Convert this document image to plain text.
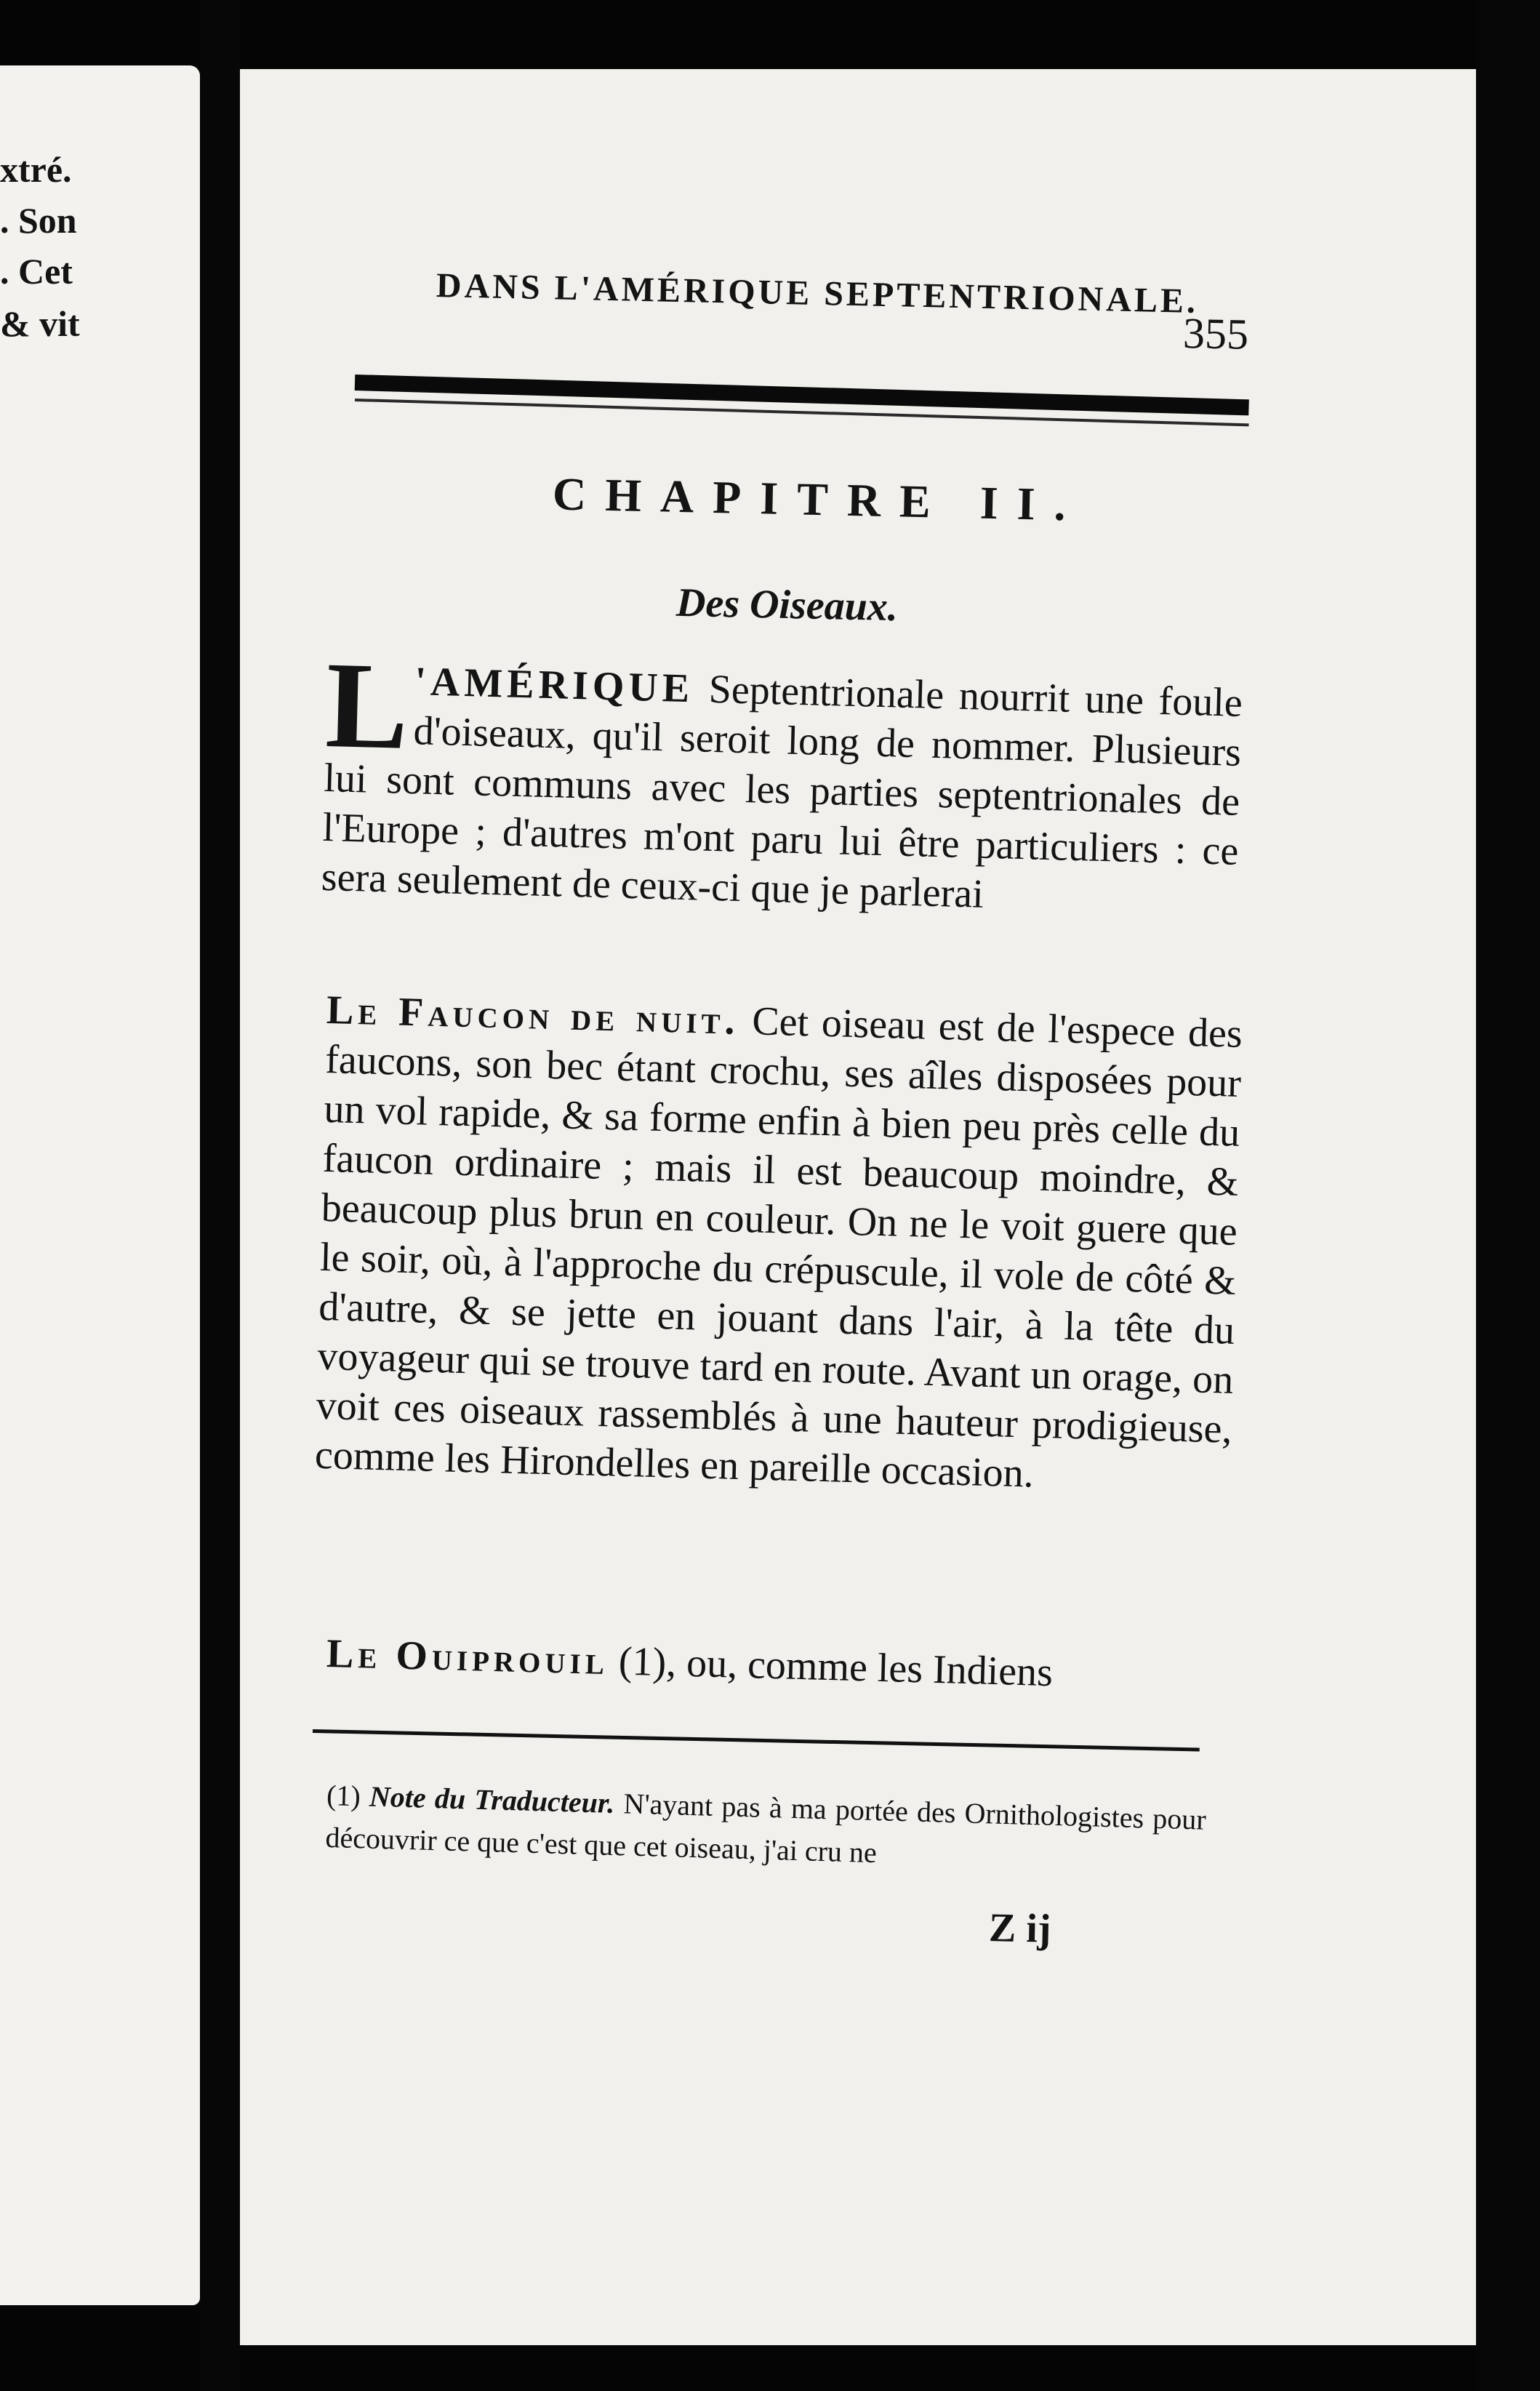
xtré.
. Son
. Cet
& vit
DANS L'AMÉRIQUE SEPTENTRIONALE.
355
CHAPITRE II.
Des Oiseaux.

L 'AMÉRIQUE Septentrionale nourrit une foule d'oiseaux, qu'il seroit long de nommer. Plusieurs lui sont communs avec les parties septentrionales de l'Europe ; d'autres m'ont paru lui être particuliers : ce sera seulement de ceux-ci que je parlerai

Le Faucon de nuit. Cet oiseau est de l'espece des faucons, son bec étant crochu, ses aîles disposées pour un vol rapide, & sa forme enfin à bien peu près celle du faucon ordinaire ; mais il est beaucoup moindre, & beaucoup plus brun en couleur. On ne le voit guere que le soir, où, à l'approche du crépuscule, il vole de côté & d'autre, & se jette en jouant dans l'air, à la tête du voyageur qui se trouve tard en route. Avant un orage, on voit ces oiseaux rassemblés à une hauteur prodigieuse, comme les Hirondelles en pareille occasion.

Le Ouiprouil (1), ou, comme les Indiens

(1) Note du Traducteur. N'ayant pas à ma portée des Ornithologistes pour découvrir ce que c'est que cet oiseau, j'ai cru ne

Z ij
